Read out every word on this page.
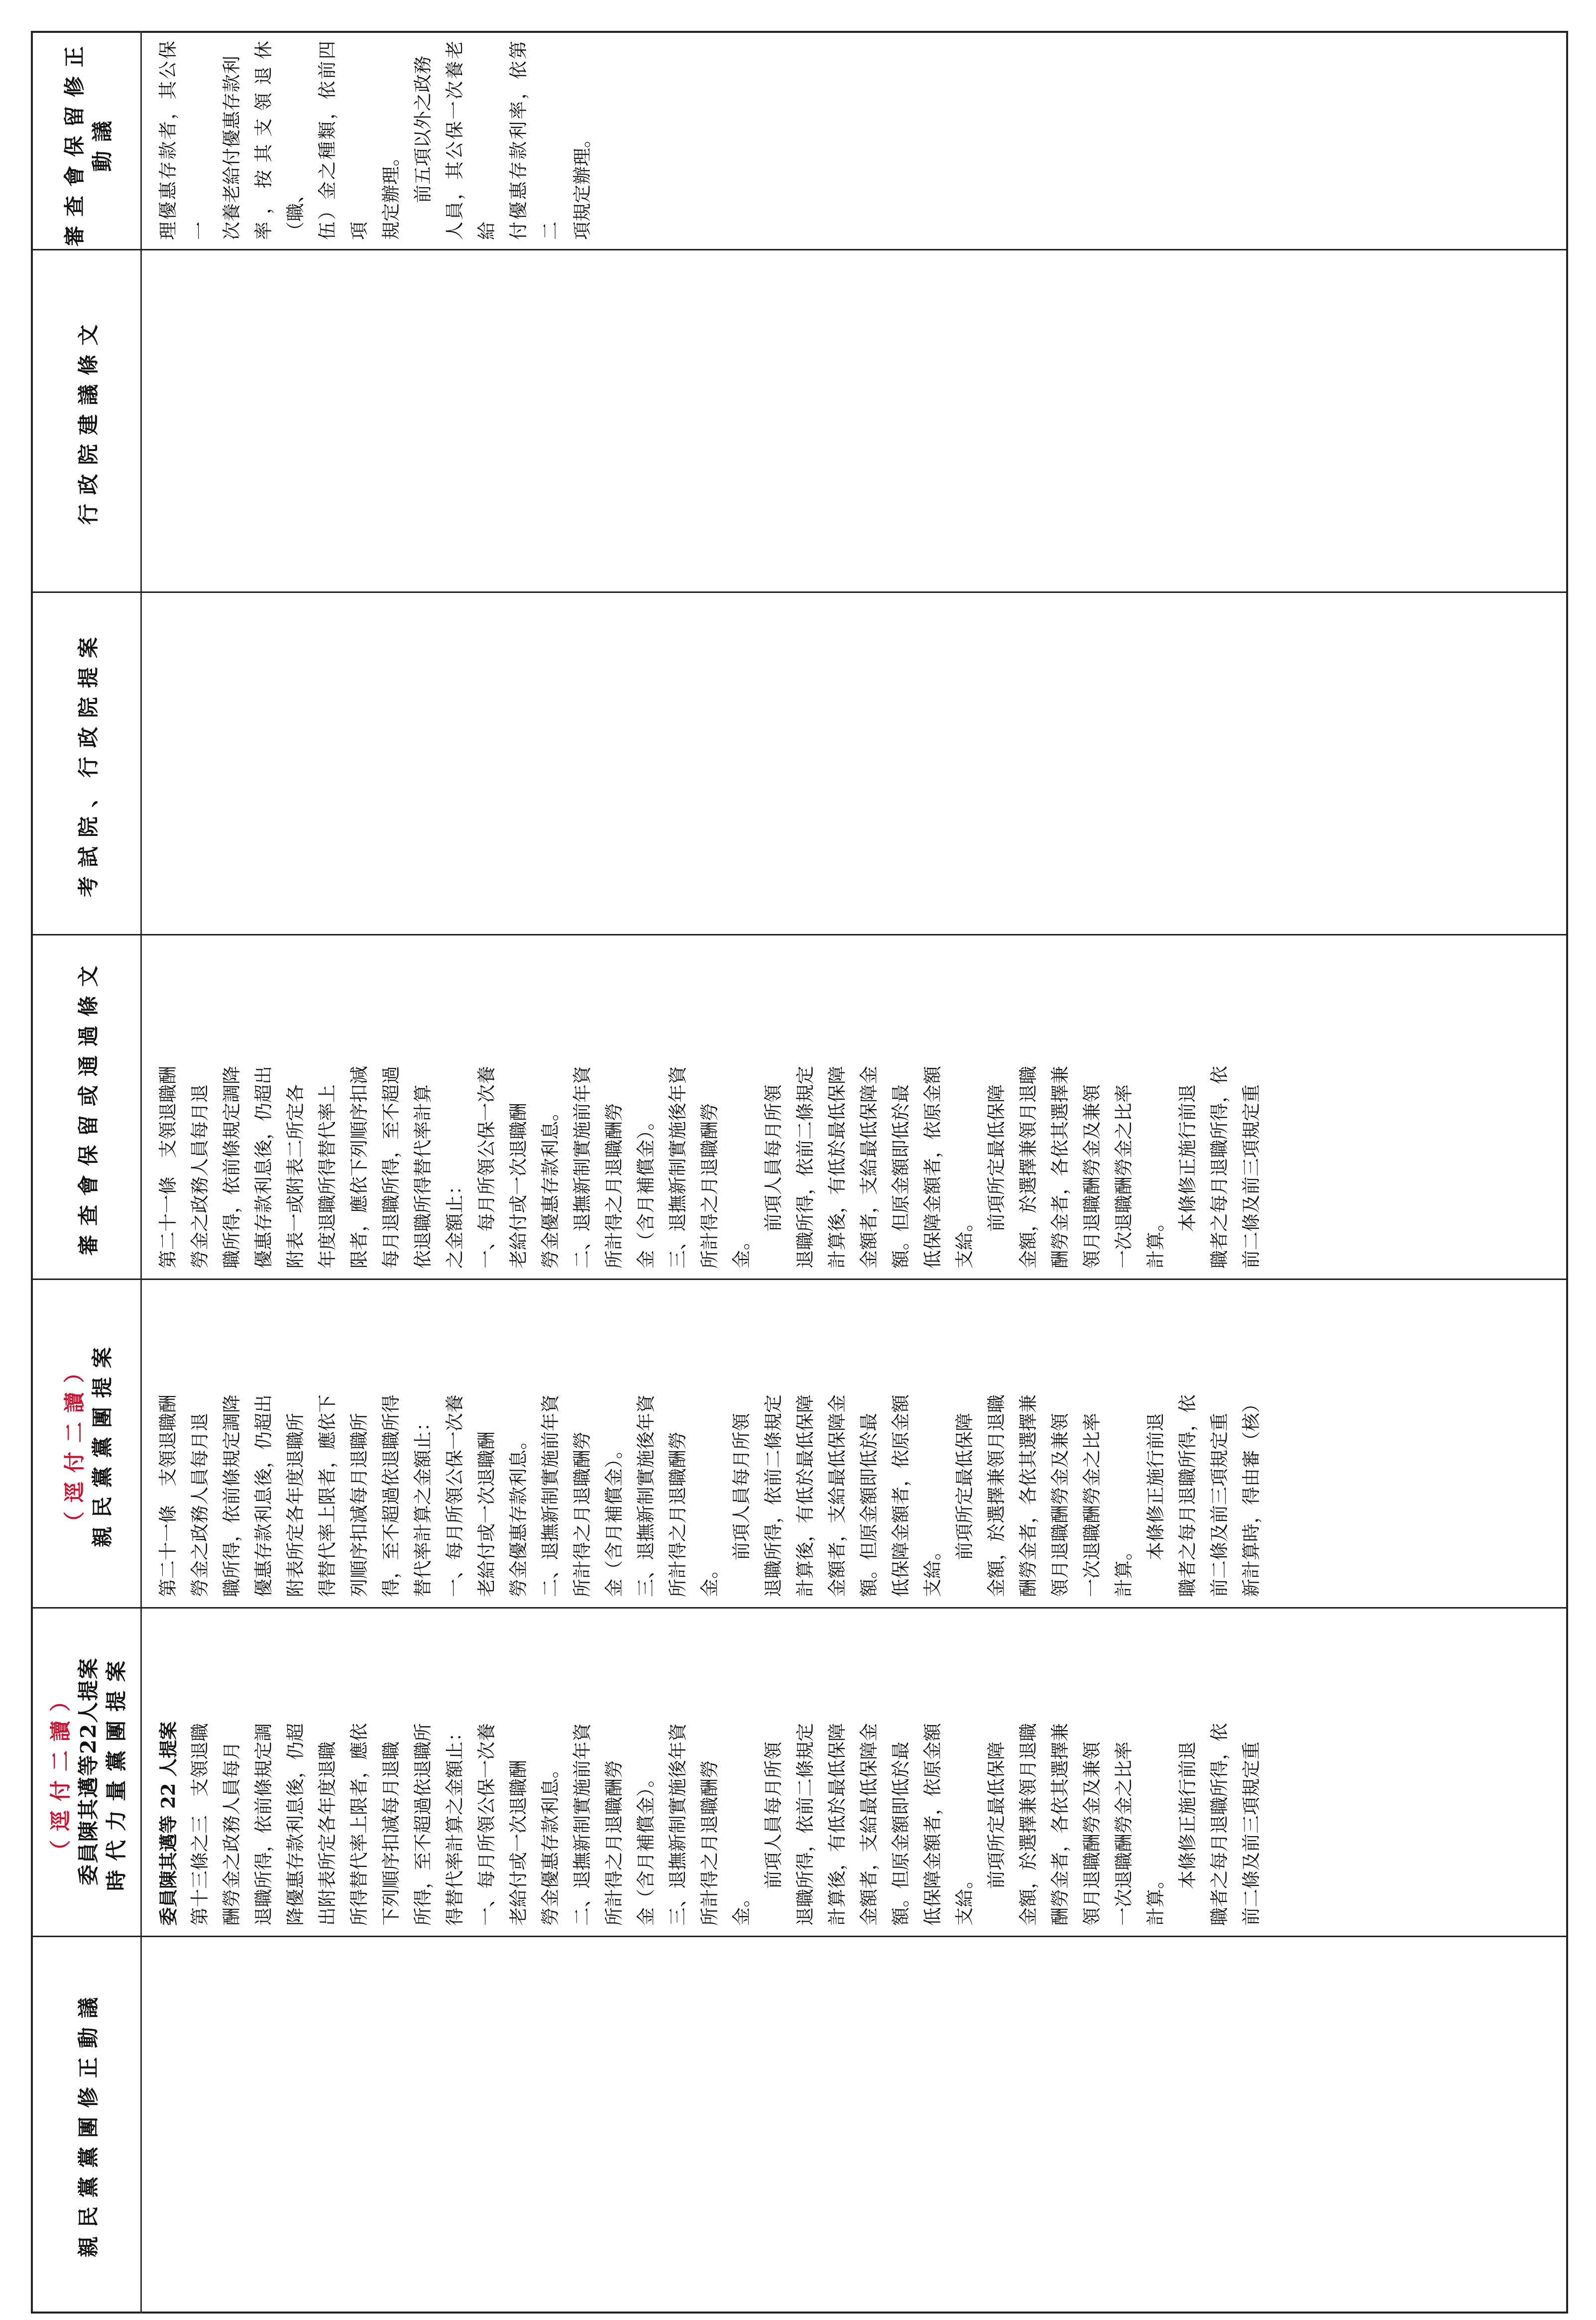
親民黨黨團修正動議
（逕付二讀） 委員陳其邁等22人提案 時代力量黨團提案
（逕付二讀） 親民黨黨團提案
審查會保留或通過條文
考試院、行政院提案
行政院建議條文
審查會保留修正動議

委員陳其邁等 22 人提案 第十三條之三　支領退職 酬勞金之政務人員每月 退職所得，依前條規定調 降優惠存款利息後，仍超 出附表所定各年度退職 所得替代率上限者，應依 下列順序扣減每月退職 所得，至不超過依退職所 得替代率計算之金額止： 一、每月所領公保一次養 老給付或一次退職酬 勞金優惠存款利息。 二、退撫新制實施前年資 所計得之月退職酬勞 金（含月補償金）。 三、退撫新制實施後年資 所計得之月退職酬勞 金。 　　前項人員每月所領 退職所得，依前二條規定 計算後，有低於最低保障 金額者，支給最低保障金 額。但原金額即低於最 低保障金額者，依原金額 支給。 　　前項所定最低保障 金額，於選擇兼領月退職 酬勞金者，各依其選擇兼 領月退職酬勞金及兼領 一次退職酬勞金之比率 計算。 　　本條修正施行前退 職者之每月退職所得，依 前二條及前三項規定重

第二十一條　支領退職酬 勞金之政務人員每月退 職所得，依前條規定調降 優惠存款利息後，仍超出 附表所定各年度退職所 得替代率上限者，應依下 列順序扣減每月退職所 得，至不超過依退職所得 替代率計算之金額止： 一、每月所領公保一次養 老給付或一次退職酬 勞金優惠存款利息。 二、退撫新制實施前年資 所計得之月退職酬勞 金（含月補償金）。 三、退撫新制實施後年資 所計得之月退職酬勞 金。 　　前項人員每月所領 退職所得，依前二條規定 計算後，有低於最低保障 金額者，支給最低保障金 額。但原金額即低於最 低保障金額者，依原金額 支給。 　　前項所定最低保障 金額，於選擇兼領月退職 酬勞金者，各依其選擇兼 領月退職酬勞金及兼領 一次退職酬勞金之比率 計算。 　　本條修正施行前退 職者之每月退職所得，依 前二條及前三項規定重 新計算時，得由審（核）

第二十一條　支領退職酬 勞金之政務人員每月退 職所得，依前條規定調降 優惠存款利息後，仍超出 附表一或附表二所定各 年度退職所得替代率上 限者，應依下列順序扣減 每月退職所得，至不超過 依退職所得替代率計算 之金額止： 一、每月所領公保一次養 老給付或一次退職酬 勞金優惠存款利息。 二、退撫新制實施前年資 所計得之月退職酬勞 金（含月補償金）。 三、退撫新制實施後年資 所計得之月退職酬勞 金。 　　前項人員每月所領 退職所得，依前二條規定 計算後，有低於最低保障 金額者，支給最低保障金 額。但原金額即低於最 低保障金額者，依原金額 支給。 　　前項所定最低保障 金額，於選擇兼領月退職 酬勞金者，各依其選擇兼 領月退職酬勞金及兼領 一次退職酬勞金之比率 計算。 　　本條修正施行前退 職者之每月退職所得，依 前二條及前三項規定重

理優惠存款者，其公保一 次養老給付優惠存款利 率，按其支領退休（職、 伍）金之種類，依前四項 規定辦理。 　　前五項以外之政務 人員，其公保一次養老給 付優惠存款利率，依第二 項規定辦理。
